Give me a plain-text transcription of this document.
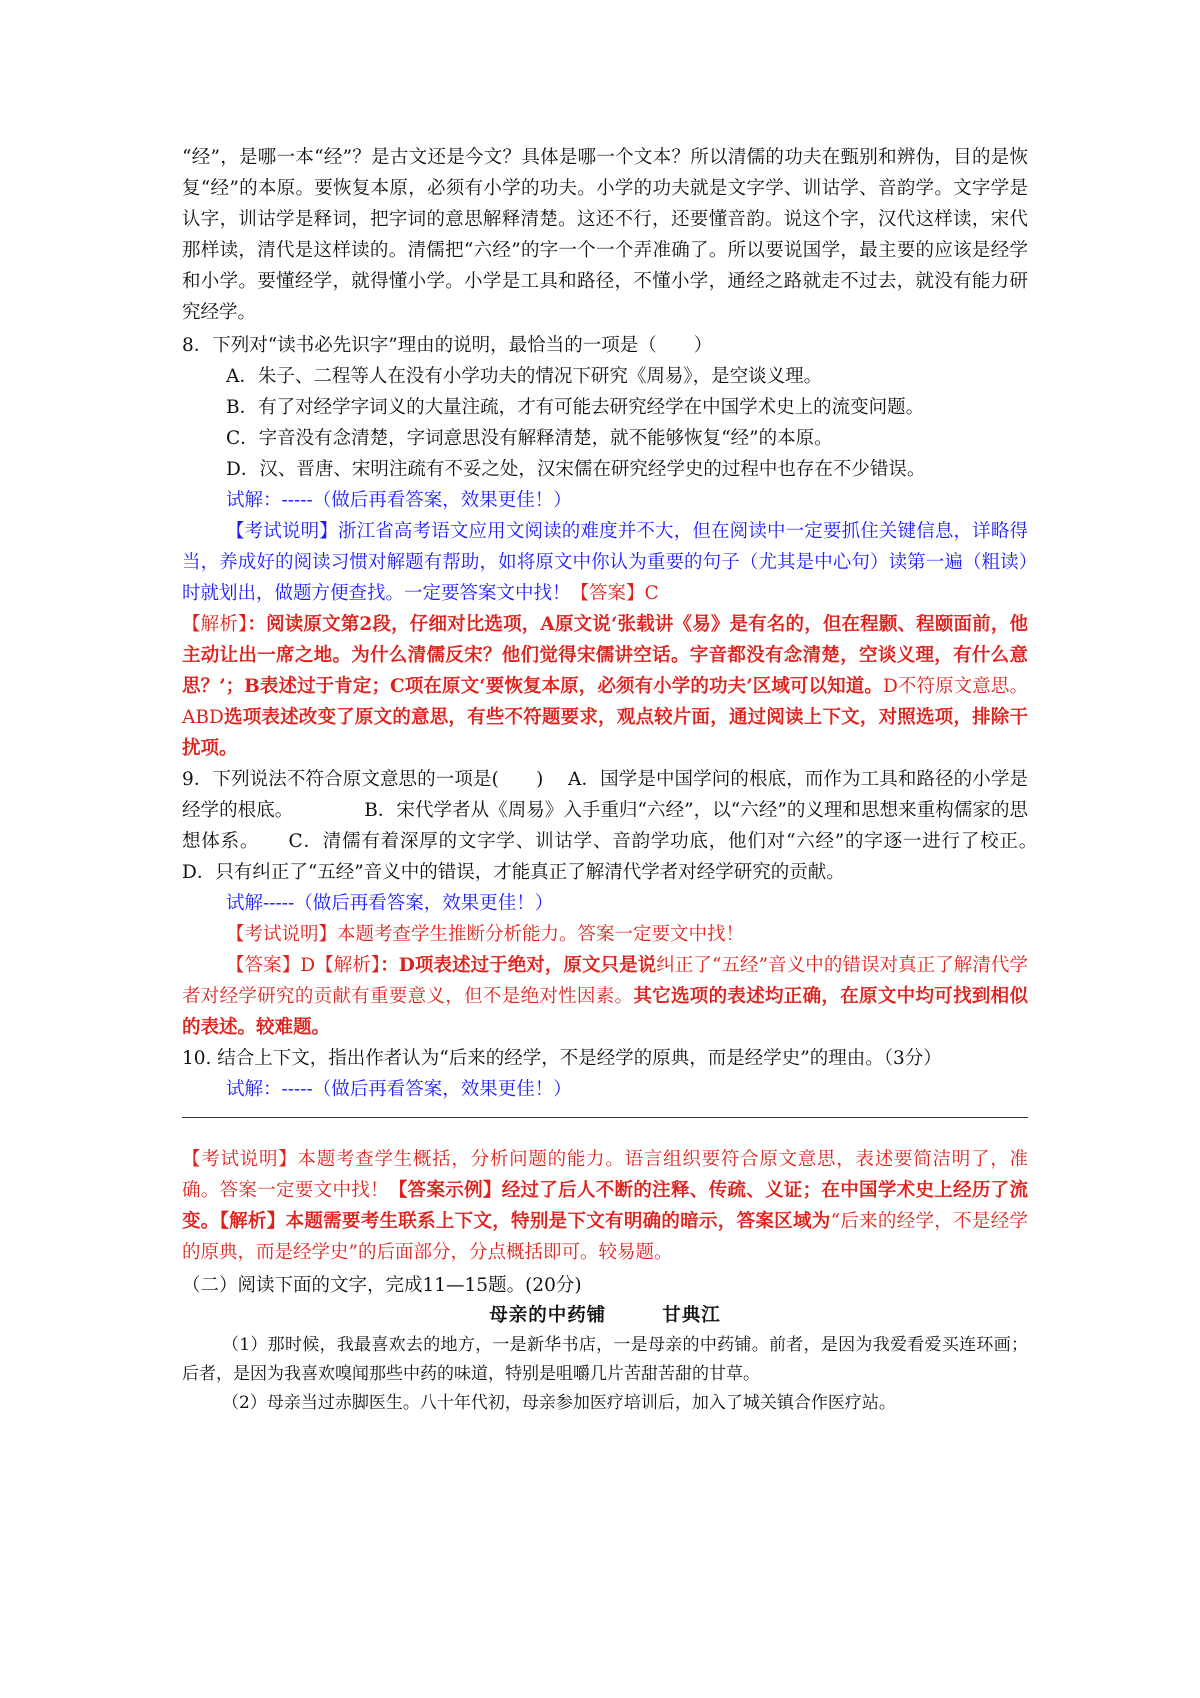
“经”，是哪一本“经”？是古文还是今文？具体是哪一个文本？所以清儒的功夫在甄别和辨伪，目的是恢复“经”的本原。要恢复本原，必须有小学的功夫。小学的功夫就是文字学、训诂学、音韵学。文字学是认字，训诂学是释词，把字词的意思解释清楚。这还不行，还要懂音韵。说这个字，汉代这样读，宋代那样读，清代是这样读的。清儒把“六经”的字一个一个弄准确了。所以要说国学，最主要的应该是经学和小学。要懂经学，就得懂小学。小学是工具和路径，不懂小学，通经之路就走不过去，就没有能力研究经学。

8．下列对“读书必先识字”理由的说明，最恰当的一项是（　　）

A．朱子、二程等人在没有小学功夫的情况下研究《周易》，是空谈义理。

B．有了对经学字词义的大量注疏，才有可能去研究经学在中国学术史上的流变问题。

C．字音没有念清楚，字词意思没有解释清楚，就不能够恢复“经”的本原。

D．汉、晋唐、宋明注疏有不妥之处，汉宋儒在研究经学史的过程中也存在不少错误。

试解：-----（做后再看答案，效果更佳！）

【考试说明】浙江省高考语文应用文阅读的难度并不大，但在阅读中一定要抓住关键信息，详略得当，养成好的阅读习惯对解题有帮助，如将原文中你认为重要的句子（尤其是中心句）读第一遍（粗读）时就划出，做题方便查找。一定要答案文中找！【答案】C

【解析】：阅读原文第2段，仔细对比选项，A原文说‘张载讲《易》是有名的，但在程颢、程颐面前，他主动让出一席之地。为什么清儒反宋？他们觉得宋儒讲空话。字音都没有念清楚，空谈义理，有什么意思？’；B表述过于肯定；C项在原文‘要恢复本原，必须有小学的功夫’区域可以知道。D不符原文意思。ABD选项表述改变了原文的意思，有些不符题要求，观点较片面，通过阅读上下文，对照选项，排除干扰项。

9．下列说法不符合原文意思的一项是(　　)　 A．国学是中国学问的根底，而作为工具和路径的小学是经学的根底。　　　　 B．宋代学者从《周易》入手重归“六经”，以“六经”的义理和思想来重构儒家的思想体系。　　C．清儒有着深厚的文字学、训诂学、音韵学功底，他们对“六经”的字逐一进行了校正。　　D．只有纠正了“五经”音义中的错误，才能真正了解清代学者对经学研究的贡献。

试解-----（做后再看答案，效果更佳！）

【考试说明】本题考查学生推断分析能力。答案一定要文中找！

【答案】D【解析】：D项表述过于绝对，原文只是说纠正了“五经”音义中的错误对真正了解清代学者对经学研究的贡献有重要意义，但不是绝对性因素。其它选项的表述均正确，在原文中均可找到相似的表述。较难题。

10. 结合上下文，指出作者认为“后来的经学，不是经学的原典，而是经学史”的理由。（3分）

试解：-----（做后再看答案，效果更佳！）

【考试说明】本题考查学生概括，分析问题的能力。语言组织要符合原文意思，表述要简洁明了，准确。答案一定要文中找！【答案示例】经过了后人不断的注释、传疏、义证；在中国学术史上经历了流变。【解析】本题需要考生联系上下文，特别是下文有明确的暗示，答案区域为“后来的经学，不是经学的原典，而是经学史”的后面部分，分点概括即可。较易题。

（二）阅读下面的文字，完成11—15题。(20分)

母亲的中药铺	甘典江

（1）那时候，我最喜欢去的地方，一是新华书店，一是母亲的中药铺。前者，是因为我爱看爱买连环画；后者，是因为我喜欢嗅闻那些中药的味道，特别是咀嚼几片苦甜苦甜的甘草。

（2）母亲当过赤脚医生。八十年代初，母亲参加医疗培训后，加入了城关镇合作医疗站。
